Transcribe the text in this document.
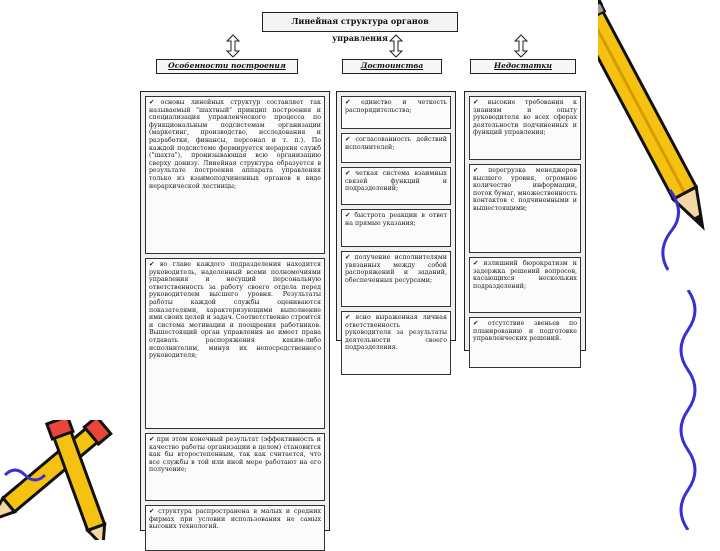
Линейная структура органов управления
Особенности построения	Достоинства	Недостатки
✔ основы линейных структур составляет так называемый "шахтный" принцип построения и специализация управленческого процесса по функциональным подсистемам организации (маркетинг, производство, исследования и разработки, финансы, персонал и т. п.). По каждой подсистеме формируется иерархия служб ("шахта"), пронизывающая всю организацию сверху донизу. Линейная структура образуется в результате построения аппарата управления только из взаимоподчиненных органов в виде иерархической лестницы;
✔ во главе каждого подразделения находится руководитель, наделенный всеми полномочиями управления и несущий персональную ответственность за работу своего отдела перед руководителем высшего уровня. Результаты работы каждой службы оцениваются показателями, характеризующими выполнение ими своих целей и задач. Соответственно строится и система мотивации и поощрения работников. Вышестоящий орган управления не имеет права отдавать распоряжения каким-либо исполнителям, минуя их непосредственного руководителя;
✔ при этом конечный результат (эффективность и качество работы организации в целом) становится как бы второстепенным, так как считается, что все службы в той или иной мере работают на его получение;
✔ структура распространена в малых и средних фирмах при условии использования не самых высоких технологий.
✔ единство и четкость распорядительства;
✔ согласованность действий исполнителей;
✔ четкая система взаимных связей функций и подразделений;
✔ быстрота реакции в ответ на прямые указания;
✔ получение исполнителями увязанных между собой распоряжений и заданий, обеспеченных ресурсами;
✔ ясно выраженная личная ответственность руководителя за результаты деятельности своего подразделения.
✔ высокие требования к знаниям и опыту руководителя во всех сферах деятельности подчиненных и функций управления;
✔ перегрузка менеджеров высшего уровня, огромное количество информации, поток бумаг, множественность контактов с подчиненными и вышестоящими;
✔ излишний бюрократизм и задержка решений вопросов, касающихся нескольких подразделений;
✔ отсутствие звеньев по планированию и подготовке управленческих решений.
